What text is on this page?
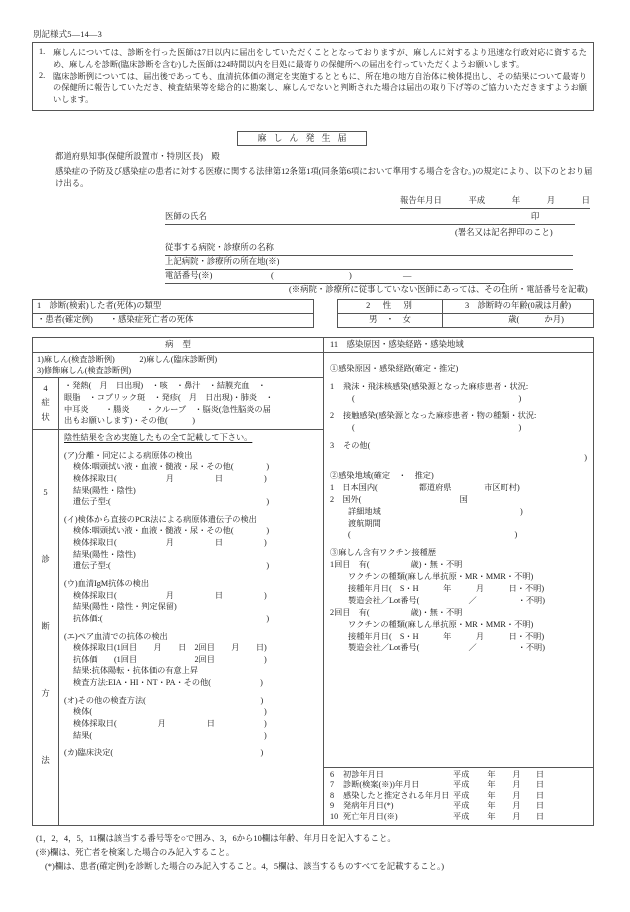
別記様式5—14—3
1. 麻しんについては、診断を行った医師は7日以内に届出をしていただくこととなっておりますが、麻しんに対するより迅速な行政対応に資するため、麻しんを診断(臨床診断を含む)した医師は24時間以内を目処に最寄りの保健所への届出を行っていただくようお願いします。
2. 臨床診断例については、届出後であっても、血清抗体価の測定を実施するとともに、所在地の地方自治体に検体提出し、その結果について最寄りの保健所に報告していただき、検査結果等を総合的に勘案し、麻しんでないと判断された場合は届出の取り下げ等のご協力いただきますようお願いします。
麻しん発生届
都道府県知事(保健所設置市・特別区長)　殿
感染症の予防及び感染症の患者に対する医療に関する法律第12条第1項(同条第6項において準用する場合を含む。)の規定により、以下のとおり届け出る。
報告年月日	平成	年	月	日
医師の氏名	印
(署名又は記名押印のこと)
従事する病院・診療所の名称
上記病院・診療所の所在地(※)
電話番号(※)	(	)	—
(※病院・診療所に従事していない医師にあっては、その住所・電話番号を記載)
1　診断(検索)した者(死体)の類型
・患者(確定例)　　・感染症死亡者の死体
2　性　別	3　診断時の年齢(0歳は月齢)
男　・　女	歳(　　　か月)
病型
1)麻しん(検査診断例)　　　2)麻しん(臨床診断例)
3)修飾麻しん(検査診断例)
4
症
状
・発熱(　月　日出現)　・咳　・鼻汁　・結膜充血　・
眼脂　・コプリック斑　・発疹(　月　日出現)・肺炎　・
中耳炎　　・腸炎　　・クループ　・脳炎(急性脳炎の届
出もお願いします)・その他(　　　)
5
診
断
方
法
陰性結果を含め実施したもの全て記載して下さい。
(ア)分離・同定による病原体の検出
検体:咽頭拭い液・血液・髄液・尿・その他(　　　　)
検体採取日(　　　　　　月　　　　　日　　　　　)
結果(陽性・陰性)
遺伝子型:(　　　　　　　　　　　　　　　　　　　)
(イ)検体から直接のPCR法による病原体遺伝子の検出
検体:咽頭拭い液・血液・髄液・尿・その他(　　　　)
検体採取日(　　　　　　月　　　　　日　　　　　)
結果(陽性・陰性)
遺伝子型:(　　　　　　　　　　　　　　　　　　　)
(ウ)血清IgM抗体の検出
検体採取日(　　　　　　月　　　　　日　　　　　)
結果(陽性・陰性・判定保留)
抗体価:(　　　　　　　　　　　　　　　　　　　　)
(エ)ペア血清での抗体の検出
検体採取日(1回目　　月　　日　2回目　　月　　日)
抗体価　　(1回目　　　　　　　2回目　　　　　　)
結果:抗体陽転・抗体価の有意上昇
検査方法:EIA・HI・NT・PA・その他(　　　　　　)
(オ)その他の検査方法(　　　　　　　　　　　　　　)
検体(　　　　　　　　　　　　　　　　　　　　　)
検体採取日(　　　　　月　　　　　日　　　　　　)
結果(　　　　　　　　　　　　　　　　　　　　　)
(カ)臨床決定(　　　　　　　　　　　　　　　　　　)
11　感染原因・感染経路・感染地域
①感染原因・感染経路(確定・推定)
1	飛沫・飛沫核感染(感染源となった麻疹患者・状況:
(　　　　　　　　　　　　　　　　　　　　)
2	接触感染(感染源となった麻疹患者・物の種類・状況:
(　　　　　　　　　　　　　　　　　　　　)
3	その他(
　　　　　　　　　　　　　　　　　　　　　　)
②感染地域(確定　・　推定)
1　日本国内(　　　　　都道府県　　　　市区町村)
2　国外(　　　　　　　　　　　　国
詳細地域　　　　　　　　　　　　　　　　　)
渡航期間
(　　　　　　　　　　　　　　　　　　　　)
③麻しん含有ワクチン接種歴
1回目　有(　　　　　歳)・無・不明
ワクチンの種類(麻しん単抗原・MR・MMR・不明)
接種年月日(　S・H　　　年　　　月　　　日・不明)
製造会社／Lot番号(　　　　　　／　　　　　・不明)
2回目　有(　　　　　歳)・無・不明
ワクチンの種類(麻しん単抗原・MR・MMR・不明)
接種年月日(　S・H　　　年　　　月　　　日・不明)
製造会社／Lot番号(　　　　　　／　　　　　・不明)
6	初診年月日	平成	年	月	日
7	診断(検案(※))年月日	平成	年	月	日
8	感染したと推定される年月日 平成	年	月	日
9	発病年月日(*)	平成	年	月	日
10 死亡年月日(※)	平成	年	月	日
(1，2，4，5，11欄は該当する番号等を○で囲み、3，6から10欄は年齢、年月日を記入すること。
(※)欄は、死亡者を検案した場合のみ記入すること。
(*)欄は、患者(確定例)を診断した場合のみ記入すること。4，5欄は、該当するものすべてを記載すること。)
